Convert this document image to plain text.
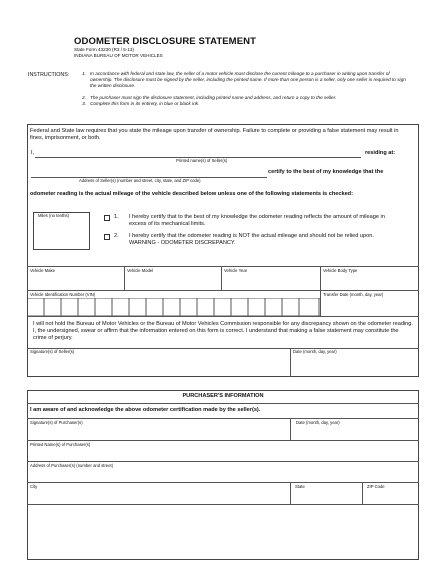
ODOMETER DISCLOSURE STATEMENT
State Form 43230 (R3 / 5-13)
INDIANA BUREAU OF MOTOR VEHICLES
INSTRUCTIONS:	1. In accordance with federal and state law, the seller of a motor vehicle must disclose the current mileage to a purchaser in writing upon transfer of ownership. The disclosure must be signed by the seller, including the printed name. If more than one person is a seller, only one seller is required to sign the written disclosure.
2. The purchaser must sign the disclosure statement, including printed name and address, and return a copy to the seller.
3. Complete this form in its entirety, in blue or black ink.
Federal and State law requires that you state the mileage upon transfer of ownership. Failure to complete or providing a false statement may result in fines, imprisonment, or both.
I,	residing at:
Printed name(s) of Seller(s)
certify to the best of my knowledge that the
Address of Seller(s) (number and street, city, state, and ZIP code)
odometer reading is the actual mileage of the vehicle described below unless one of the following statements is checked:
Miles (no tenths)	1. I hereby certify that to the best of my knowledge the odometer reading reflects the amount of mileage in excess of its mechanical limits.
2. I hereby certify that the odometer reading is NOT the actual mileage and should not be relied upon.
WARNING - ODOMETER DISCREPANCY.
Vehicle Make	Vehicle Model	Vehicle Year	Vehicle Body Type
Vehicle Identification Number (VIN)	Transfer Date (month, day, year)
I will not hold the Bureau of Motor Vehicles or the Bureau of Motor Vehicles Commission responsible for any discrepancy shown on the odometer reading. I, the undersigned, swear or affirm that the information entered on this form is correct. I understand that making a false statement may constitute the crime of perjury.
Signature(s) of Seller(s)	Date (month, day, year)
PURCHASER'S INFORMATION
I am aware of and acknowledge the above odometer certification made by the seller(s).
Signature(s) of Purchaser(s)	Date (month, day, year)
Printed Name(s) of Purchaser(s)
Address of Purchaser(s) (number and street)
City	State	ZIP Code
